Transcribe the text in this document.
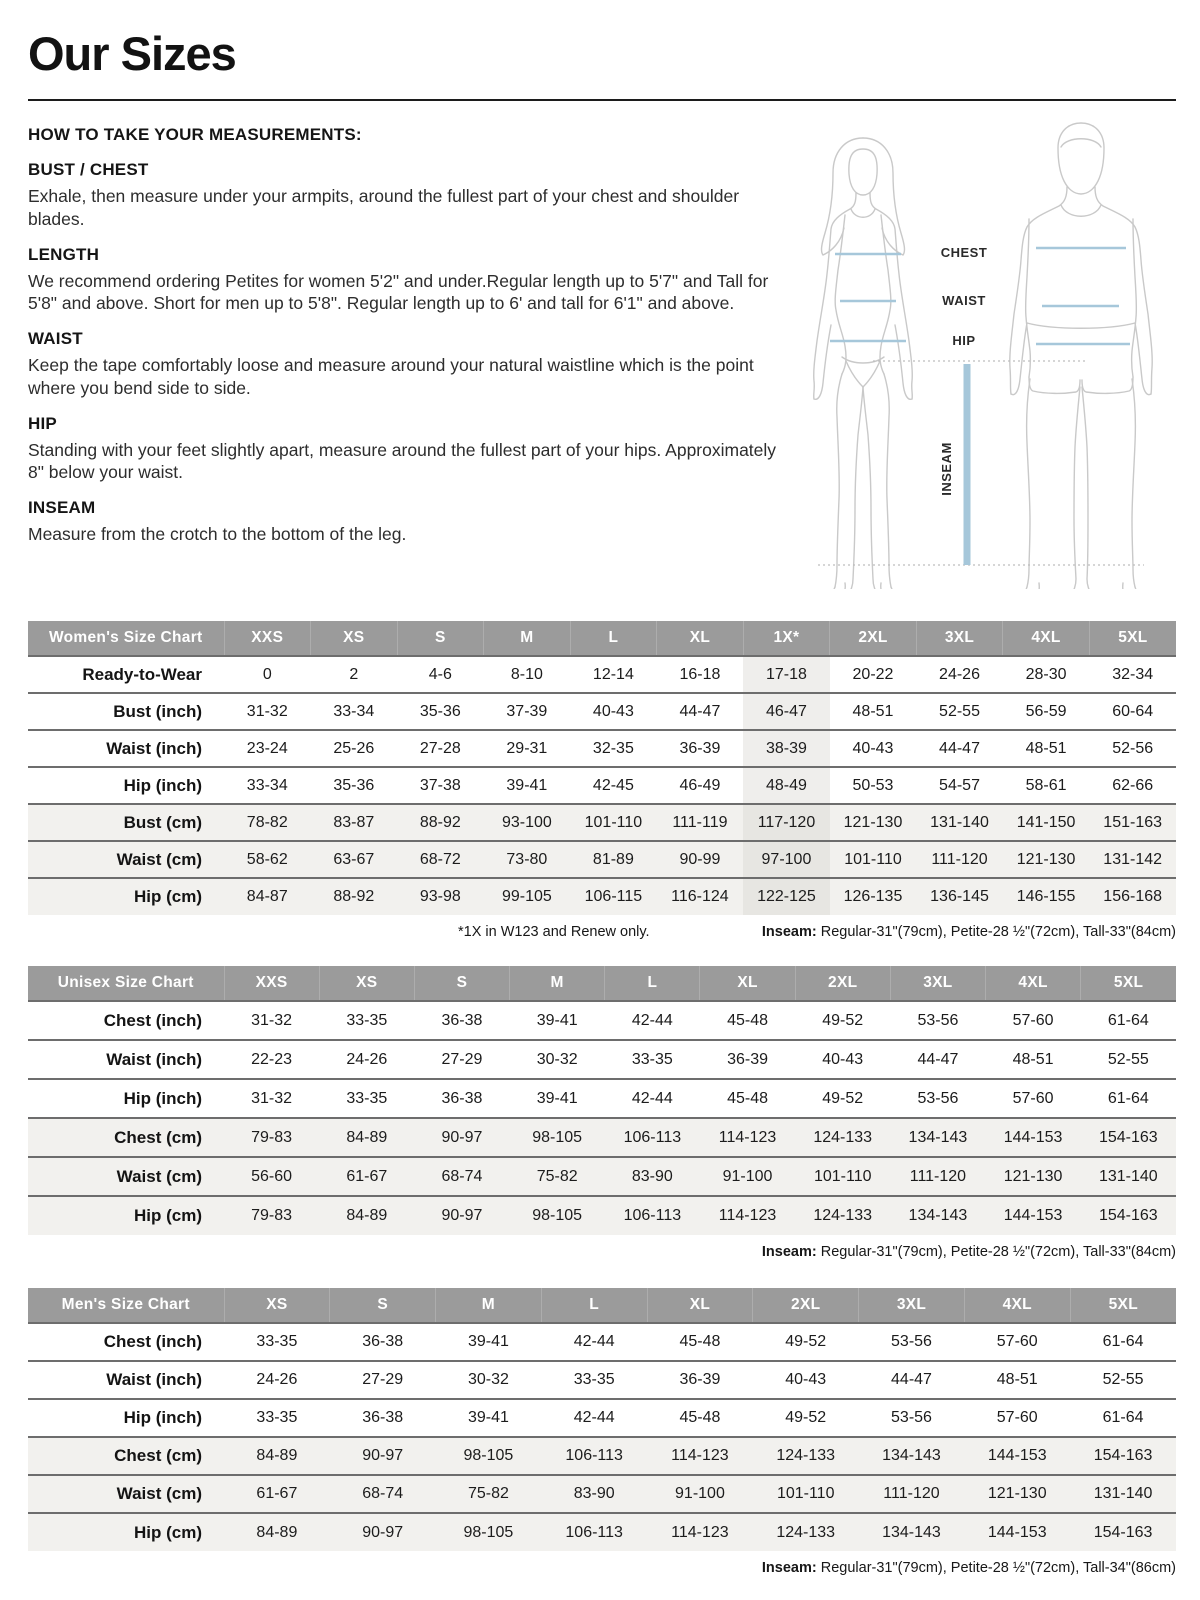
Our Sizes
HOW TO TAKE YOUR MEASUREMENTS:
BUST / CHEST

Exhale, then measure under your armpits, around the fullest part of your chest and shoulder blades.

LENGTH

We recommend ordering Petites for women 5'2" and under.Regular length up to 5'7" and Tall for 5'8" and above. Short for men up to 5'8". Regular length up to 6' and tall for 6'1" and above.

WAIST

Keep the tape comfortably loose and measure around your natural waistline which is the point where you bend side to side.

HIP

Standing with your feet slightly apart, measure around the fullest part of your hips. Approximately 8" below your waist.

INSEAM

Measure from the crotch to the bottom of the leg.

CHEST
WAIST
HIP
INSEAM
Women's Size Chart	XXS	XS	S	M	L	XL	1X*	2XL	3XL	4XL	5XL
Ready-to-Wear	0	2	4-6	8-10	12-14	16-18	17-18	20-22	24-26	28-30	32-34
Bust (inch)	31-32	33-34	35-36	37-39	40-43	44-47	46-47	48-51	52-55	56-59	60-64
Waist (inch)	23-24	25-26	27-28	29-31	32-35	36-39	38-39	40-43	44-47	48-51	52-56
Hip (inch)	33-34	35-36	37-38	39-41	42-45	46-49	48-49	50-53	54-57	58-61	62-66
Bust (cm)	78-82	83-87	88-92	93-100	101-110	111-119	117-120	121-130	131-140	141-150	151-163
Waist (cm)	58-62	63-67	68-72	73-80	81-89	90-99	97-100	101-110	111-120	121-130	131-142
Hip (cm)	84-87	88-92	93-98	99-105	106-115	116-124	122-125	126-135	136-145	146-155	156-168
*1X in W123 and Renew only.	Inseam: Regular-31"(79cm), Petite-28 ½"(72cm), Tall-33"(84cm)
Unisex Size Chart	XXS	XS	S	M	L	XL	2XL	3XL	4XL	5XL
Chest (inch)	31-32	33-35	36-38	39-41	42-44	45-48	49-52	53-56	57-60	61-64
Waist (inch)	22-23	24-26	27-29	30-32	33-35	36-39	40-43	44-47	48-51	52-55
Hip (inch)	31-32	33-35	36-38	39-41	42-44	45-48	49-52	53-56	57-60	61-64
Chest (cm)	79-83	84-89	90-97	98-105	106-113	114-123	124-133	134-143	144-153	154-163
Waist (cm)	56-60	61-67	68-74	75-82	83-90	91-100	101-110	111-120	121-130	131-140
Hip (cm)	79-83	84-89	90-97	98-105	106-113	114-123	124-133	134-143	144-153	154-163
Inseam: Regular-31"(79cm), Petite-28 ½"(72cm), Tall-33"(84cm)
Men's Size Chart	XS	S	M	L	XL	2XL	3XL	4XL	5XL
Chest (inch)	33-35	36-38	39-41	42-44	45-48	49-52	53-56	57-60	61-64
Waist (inch)	24-26	27-29	30-32	33-35	36-39	40-43	44-47	48-51	52-55
Hip (inch)	33-35	36-38	39-41	42-44	45-48	49-52	53-56	57-60	61-64
Chest (cm)	84-89	90-97	98-105	106-113	114-123	124-133	134-143	144-153	154-163
Waist (cm)	61-67	68-74	75-82	83-90	91-100	101-110	111-120	121-130	131-140
Hip (cm)	84-89	90-97	98-105	106-113	114-123	124-133	134-143	144-153	154-163
Inseam: Regular-31"(79cm), Petite-28 ½"(72cm), Tall-34"(86cm)
